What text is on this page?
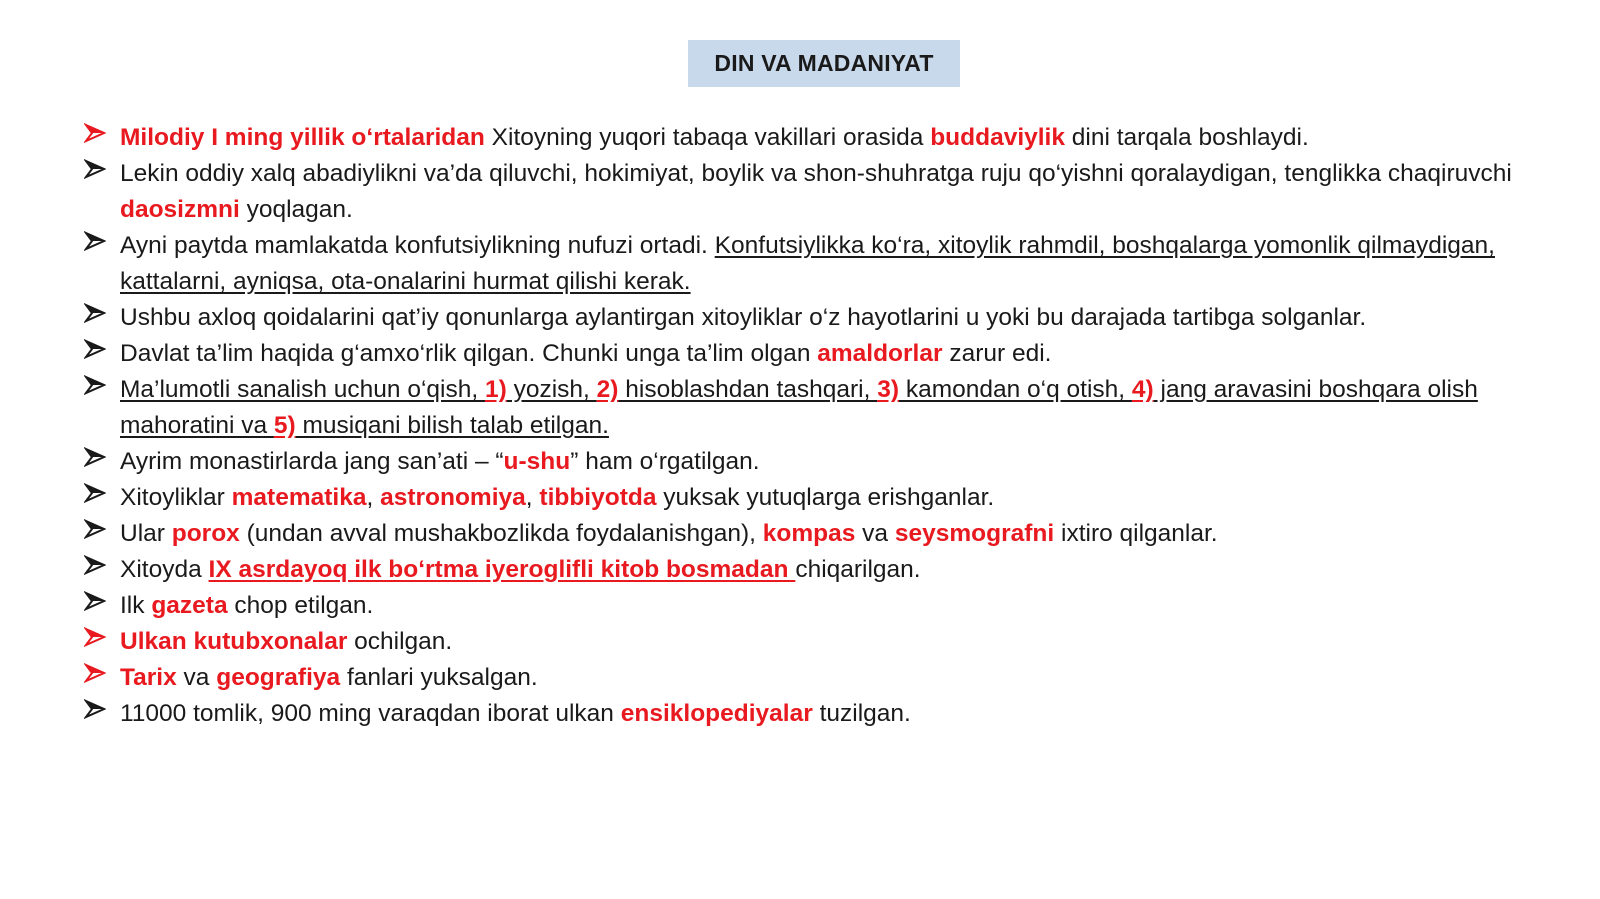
DIN VA MADANIYAT
Milodiy I ming yillik o‘rtalaridan Xitoyning yuqori tabaqa vakillari orasida buddaviylik dini tarqala boshlaydi.
Lekin oddiy xalq abadiylikni va’da qiluvchi, hokimiyat, boylik va shon-shuhratga ruju qo‘yishni qoralaydigan, tenglikka chaqiruvchi daosizmni yoqlagan.
Ayni paytda mamlakatda konfutsiylikning nufuzi ortadi. Konfutsiylikka ko‘ra, xitoylik rahmdil, boshqalarga yomonlik qilmaydigan, kattalarni, ayniqsa, ota-onalarini hurmat qilishi kerak.
Ushbu axloq qoidalarini qat’iy qonunlarga aylantirgan xitoyliklar o‘z hayotlarini u yoki bu darajada tartibga solganlar.
Davlat ta’lim haqida g‘amxo‘rlik qilgan. Chunki unga ta’lim olgan amaldorlar zarur edi.
Ma’lumotli sanalish uchun o‘qish, 1) yozish, 2) hisoblashdan tashqari, 3) kamondan o‘q otish, 4) jang aravasini boshqara olish mahoratini va 5) musiqani bilish talab etilgan.
Ayrim monastirlarda jang san’ati – “u-shu” ham o‘rgatilgan.
Xitoyliklar matematika, astronomiya, tibbiyotda yuksak yutuqlarga erishganlar.
Ular porox (undan avval mushakbozlikda foydalanishgan), kompas va seysmografni ixtiro qilganlar.
Xitoyda IX asrdayoq ilk bo‘rtma iyeroglifli kitob bosmadan chiqarilgan.
Ilk gazeta chop etilgan.
Ulkan kutubxonalar ochilgan.
Tarix va geografiya fanlari yuksalgan.
11000 tomlik, 900 ming varaqdan iborat ulkan ensiklopediyalar tuzilgan.
